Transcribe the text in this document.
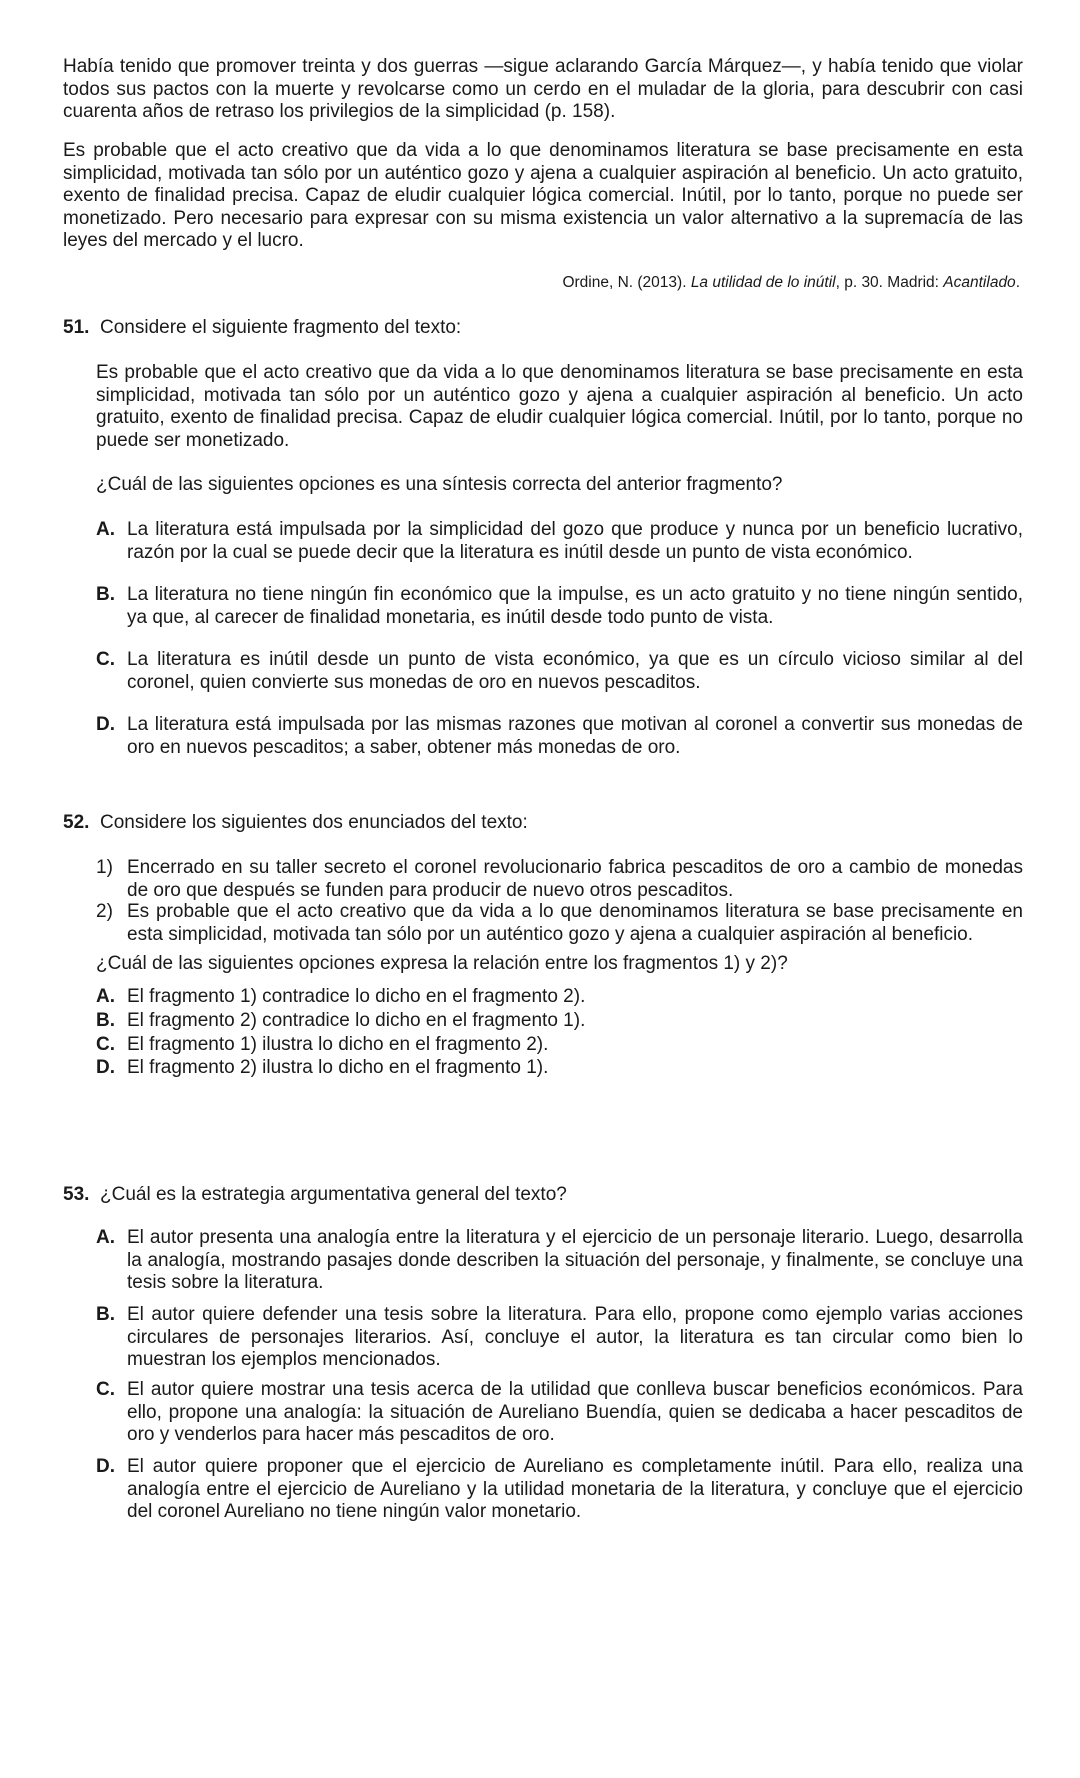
Había tenido que promover treinta y dos guerras —sigue aclarando García Márquez—, y había tenido que violar todos sus pactos con la muerte y revolcarse como un cerdo en el muladar de la gloria, para descubrir con casi cuarenta años de retraso los privilegios de la simplicidad (p. 158).
Es probable que el acto creativo que da vida a lo que denominamos literatura se base precisamente en esta simplicidad, motivada tan sólo por un auténtico gozo y ajena a cualquier aspiración al beneficio. Un acto gratuito, exento de finalidad precisa. Capaz de eludir cualquier lógica comercial. Inútil, por lo tanto, porque no puede ser monetizado. Pero necesario para expresar con su misma existencia un valor alternativo a la supremacía de las leyes del mercado y el lucro.
Ordine, N. (2013). La utilidad de lo inútil, p. 30. Madrid: Acantilado.
51. Considere el siguiente fragmento del texto:
Es probable que el acto creativo que da vida a lo que denominamos literatura se base precisamente en esta simplicidad, motivada tan sólo por un auténtico gozo y ajena a cualquier aspiración al beneficio. Un acto gratuito, exento de finalidad precisa. Capaz de eludir cualquier lógica comercial. Inútil, por lo tanto, porque no puede ser monetizado.
¿Cuál de las siguientes opciones es una síntesis correcta del anterior fragmento?
A. La literatura está impulsada por la simplicidad del gozo que produce y nunca por un beneficio lucrativo, razón por la cual se puede decir que la literatura es inútil desde un punto de vista económico.
B. La literatura no tiene ningún fin económico que la impulse, es un acto gratuito y no tiene ningún sentido, ya que, al carecer de finalidad monetaria, es inútil desde todo punto de vista.
C. La literatura es inútil desde un punto de vista económico, ya que es un círculo vicioso similar al del coronel, quien convierte sus monedas de oro en nuevos pescaditos.
D. La literatura está impulsada por las mismas razones que motivan al coronel a convertir sus monedas de oro en nuevos pescaditos; a saber, obtener más monedas de oro.
52. Considere los siguientes dos enunciados del texto:
1) Encerrado en su taller secreto el coronel revolucionario fabrica pescaditos de oro a cambio de monedas de oro que después se funden para producir de nuevo otros pescaditos.
2) Es probable que el acto creativo que da vida a lo que denominamos literatura se base precisamente en esta simplicidad, motivada tan sólo por un auténtico gozo y ajena a cualquier aspiración al beneficio.
¿Cuál de las siguientes opciones expresa la relación entre los fragmentos 1) y 2)?
A. El fragmento 1) contradice lo dicho en el fragmento 2).
B. El fragmento 2) contradice lo dicho en el fragmento 1).
C. El fragmento 1) ilustra lo dicho en el fragmento 2).
D. El fragmento 2) ilustra lo dicho en el fragmento 1).
53. ¿Cuál es la estrategia argumentativa general del texto?
A. El autor presenta una analogía entre la literatura y el ejercicio de un personaje literario. Luego, desarrolla la analogía, mostrando pasajes donde describen la situación del personaje, y finalmente, se concluye una tesis sobre la literatura.
B. El autor quiere defender una tesis sobre la literatura. Para ello, propone como ejemplo varias acciones circulares de personajes literarios. Así, concluye el autor, la literatura es tan circular como bien lo muestran los ejemplos mencionados.
C. El autor quiere mostrar una tesis acerca de la utilidad que conlleva buscar beneficios económicos. Para ello, propone una analogía: la situación de Aureliano Buendía, quien se dedicaba a hacer pescaditos de oro y venderlos para hacer más pescaditos de oro.
D. El autor quiere proponer que el ejercicio de Aureliano es completamente inútil. Para ello, realiza una analogía entre el ejercicio de Aureliano y la utilidad monetaria de la literatura, y concluye que el ejercicio del coronel Aureliano no tiene ningún valor monetario.
